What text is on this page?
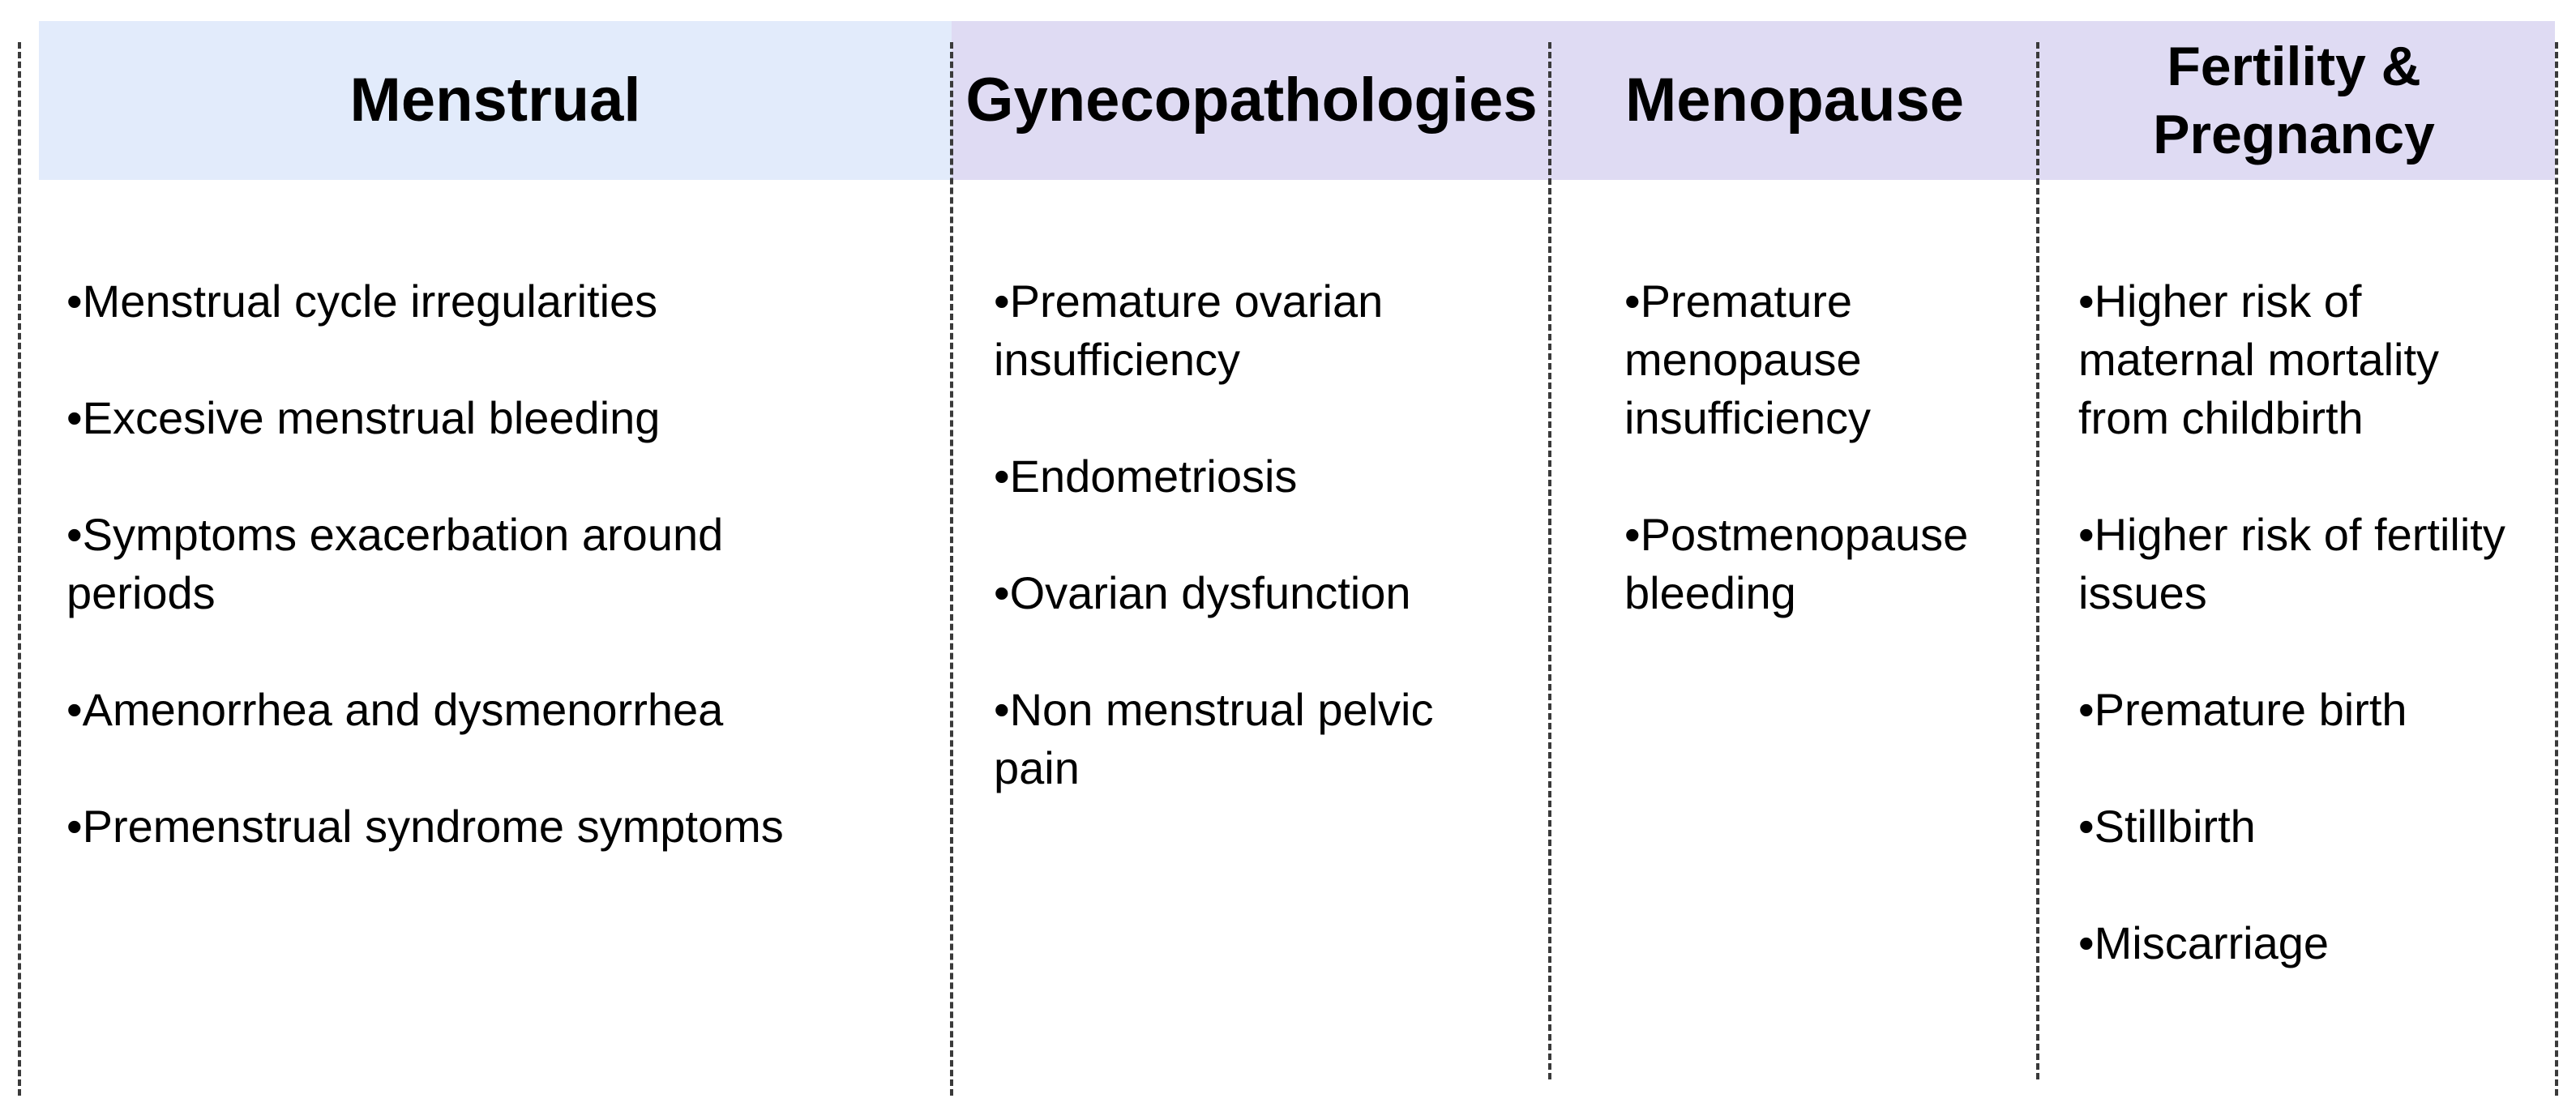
Menstrual	Gynecopathologies Menopause	Fertility & Pregnancy
•Menstrual cycle irregularities
•Excesive menstrual bleeding
•Symptoms exacerbation around periods
•Amenorrhea and dysmenorrhea
•Premenstrual syndrome symptoms
•Premature ovarian insufficiency
•Endometriosis
•Ovarian dysfunction
•Non menstrual pelvic pain
•Premature menopause insufficiency
•Postmenopause bleeding
•Higher risk of maternal mortality from childbirth
•Higher risk of fertility issues
•Premature birth
•Stillbirth
•Miscarriage
